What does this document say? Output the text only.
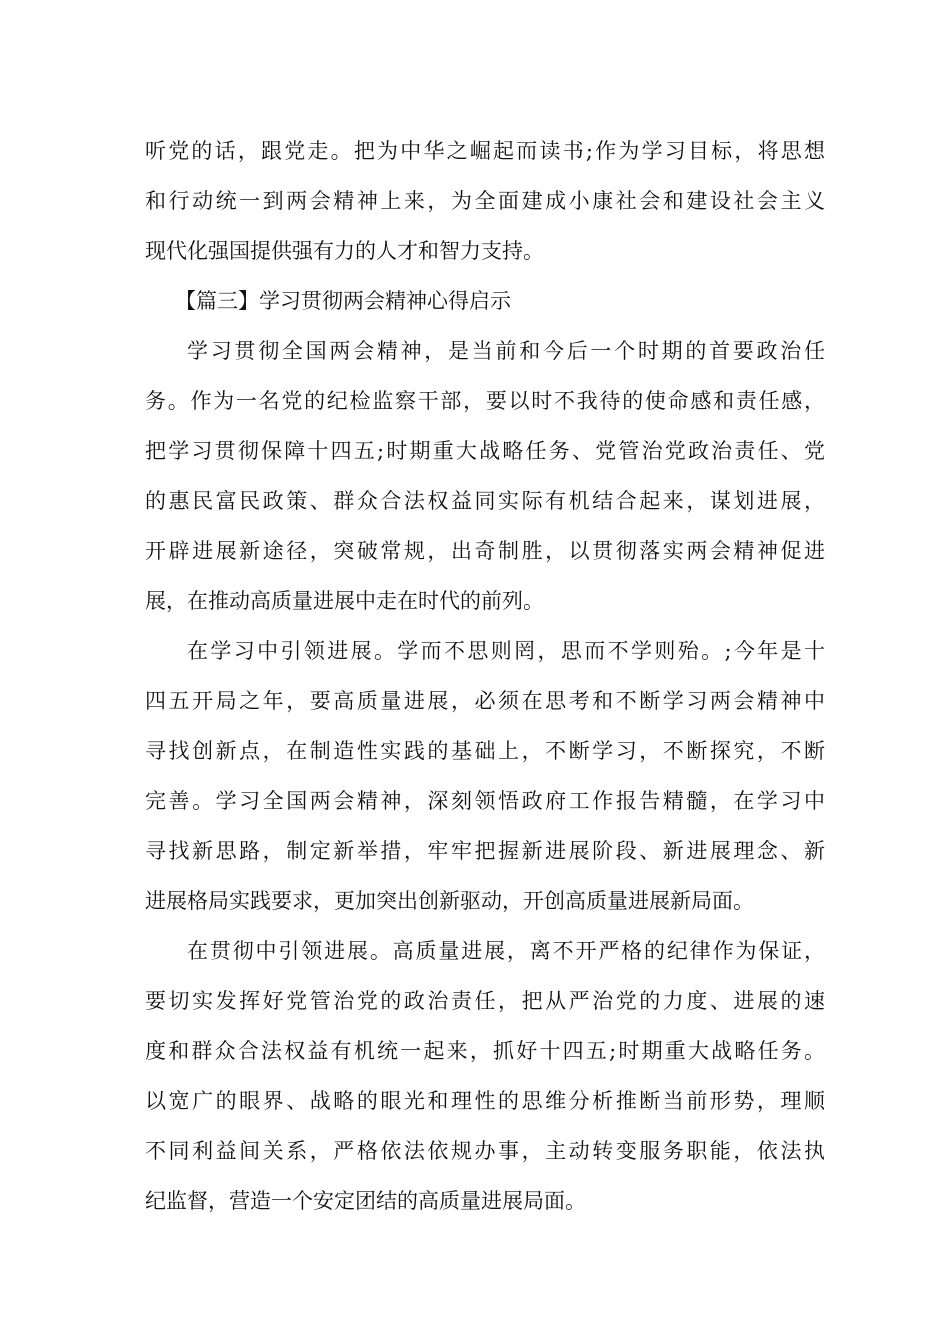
听党的话，跟党走。把为中华之崛起而读书;作为学习目标，将思想
和行动统一到两会精神上来，为全面建成小康社会和建设社会主义
现代化强国提供强有力的人才和智力支持。
【篇三】学习贯彻两会精神心得启示
学习贯彻全国两会精神，是当前和今后一个时期的首要政治任
务。作为一名党的纪检监察干部，要以时不我待的使命感和责任感，
把学习贯彻保障十四五;时期重大战略任务、党管治党政治责任、党
的惠民富民政策、群众合法权益同实际有机结合起来，谋划进展，
开辟进展新途径，突破常规，出奇制胜，以贯彻落实两会精神促进
展，在推动高质量进展中走在时代的前列。
在学习中引领进展。学而不思则罔，思而不学则殆。;今年是十
四五开局之年，要高质量进展，必须在思考和不断学习两会精神中
寻找创新点，在制造性实践的基础上，不断学习，不断探究，不断
完善。学习全国两会精神，深刻领悟政府工作报告精髓，在学习中
寻找新思路，制定新举措，牢牢把握新进展阶段、新进展理念、新
进展格局实践要求，更加突出创新驱动，开创高质量进展新局面。
在贯彻中引领进展。高质量进展，离不开严格的纪律作为保证，
要切实发挥好党管治党的政治责任，把从严治党的力度、进展的速
度和群众合法权益有机统一起来，抓好十四五;时期重大战略任务。
以宽广的眼界、战略的眼光和理性的思维分析推断当前形势，理顺
不同利益间关系，严格依法依规办事，主动转变服务职能，依法执
纪监督，营造一个安定团结的高质量进展局面。
